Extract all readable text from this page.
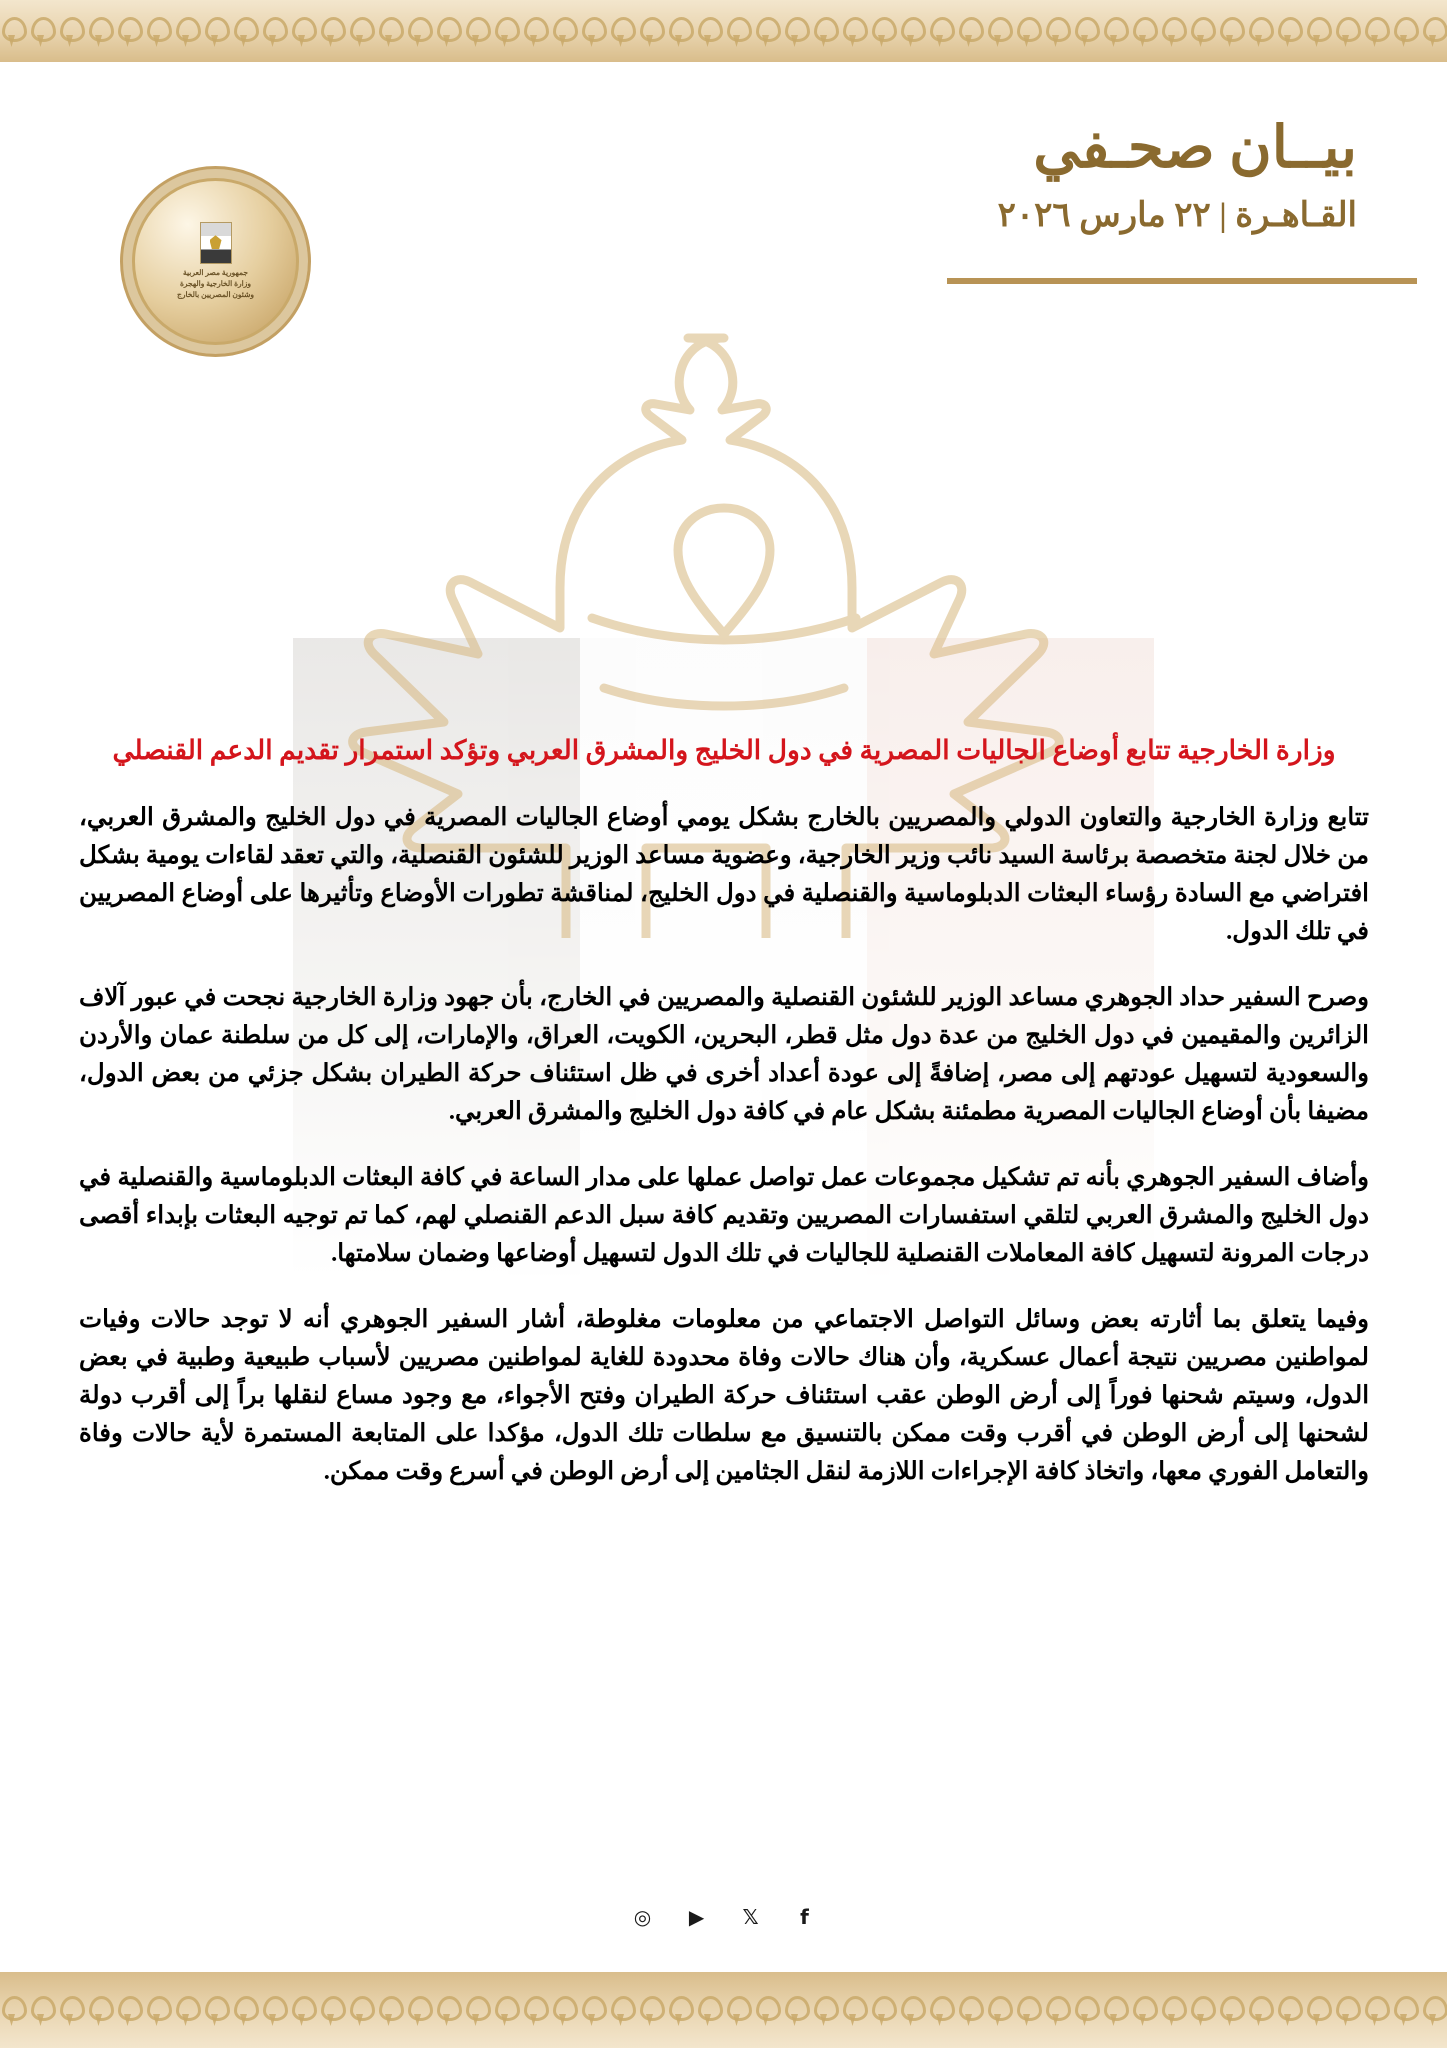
بيــان صحـفي

القـاهـرة | ٢٢ مارس ٢٠٢٦

جمهورية مصر العربية
وزارة الخارجية والهجرة
وشئون المصريين بالخارج
وزارة الخارجية تتابع أوضاع الجاليات المصرية في دول الخليج والمشرق العربي وتؤكد استمرار تقديم الدعم القنصلي

تتابع وزارة الخارجية والتعاون الدولي والمصريين بالخارج بشكل يومي أوضاع الجاليات المصرية في دول الخليج والمشرق العربي، من خلال لجنة متخصصة برئاسة السيد نائب وزير الخارجية، وعضوية مساعد الوزير للشئون القنصلية، والتي تعقد لقاءات يومية بشكل افتراضي مع السادة رؤساء البعثات الدبلوماسية والقنصلية في دول الخليج، لمناقشة تطورات الأوضاع وتأثيرها على أوضاع المصريين في تلك الدول.

وصرح السفير حداد الجوهري مساعد الوزير للشئون القنصلية والمصريين في الخارج، بأن جهود وزارة الخارجية نجحت في عبور آلاف الزائرين والمقيمين في دول الخليج من عدة دول مثل قطر، البحرين، الكويت، العراق، والإمارات، إلى كل من سلطنة عمان والأردن والسعودية لتسهيل عودتهم إلى مصر، إضافةً إلى عودة أعداد أخرى في ظل استئناف حركة الطيران بشكل جزئي من بعض الدول، مضيفا بأن أوضاع الجاليات المصرية مطمئنة بشكل عام في كافة دول الخليج والمشرق العربي.

وأضاف السفير الجوهري بأنه تم تشكيل مجموعات عمل تواصل عملها على مدار الساعة في كافة البعثات الدبلوماسية والقنصلية في دول الخليج والمشرق العربي لتلقي استفسارات المصريين وتقديم كافة سبل الدعم القنصلي لهم، كما تم توجيه البعثات بإبداء أقصى درجات المرونة لتسهيل كافة المعاملات القنصلية للجاليات في تلك الدول لتسهيل أوضاعها وضمان سلامتها.

وفيما يتعلق بما أثارته بعض وسائل التواصل الاجتماعي من معلومات مغلوطة، أشار السفير الجوهري أنه لا توجد حالات وفيات لمواطنين مصريين نتيجة أعمال عسكرية، وأن هناك حالات وفاة محدودة للغاية لمواطنين مصريين لأسباب طبيعية وطبية في بعض الدول، وسيتم شحنها فوراً إلى أرض الوطن عقب استئناف حركة الطيران وفتح الأجواء، مع وجود مساع لنقلها براً إلى أقرب دولة لشحنها إلى أرض الوطن في أقرب وقت ممكن بالتنسيق مع سلطات تلك الدول، مؤكدا على المتابعة المستمرة لأية حالات وفاة والتعامل الفوري معها، واتخاذ كافة الإجراءات اللازمة لنقل الجثامين إلى أرض الوطن في أسرع وقت ممكن.

WWW.MFA.GOV.EG
f
𝕏
▶
◎
